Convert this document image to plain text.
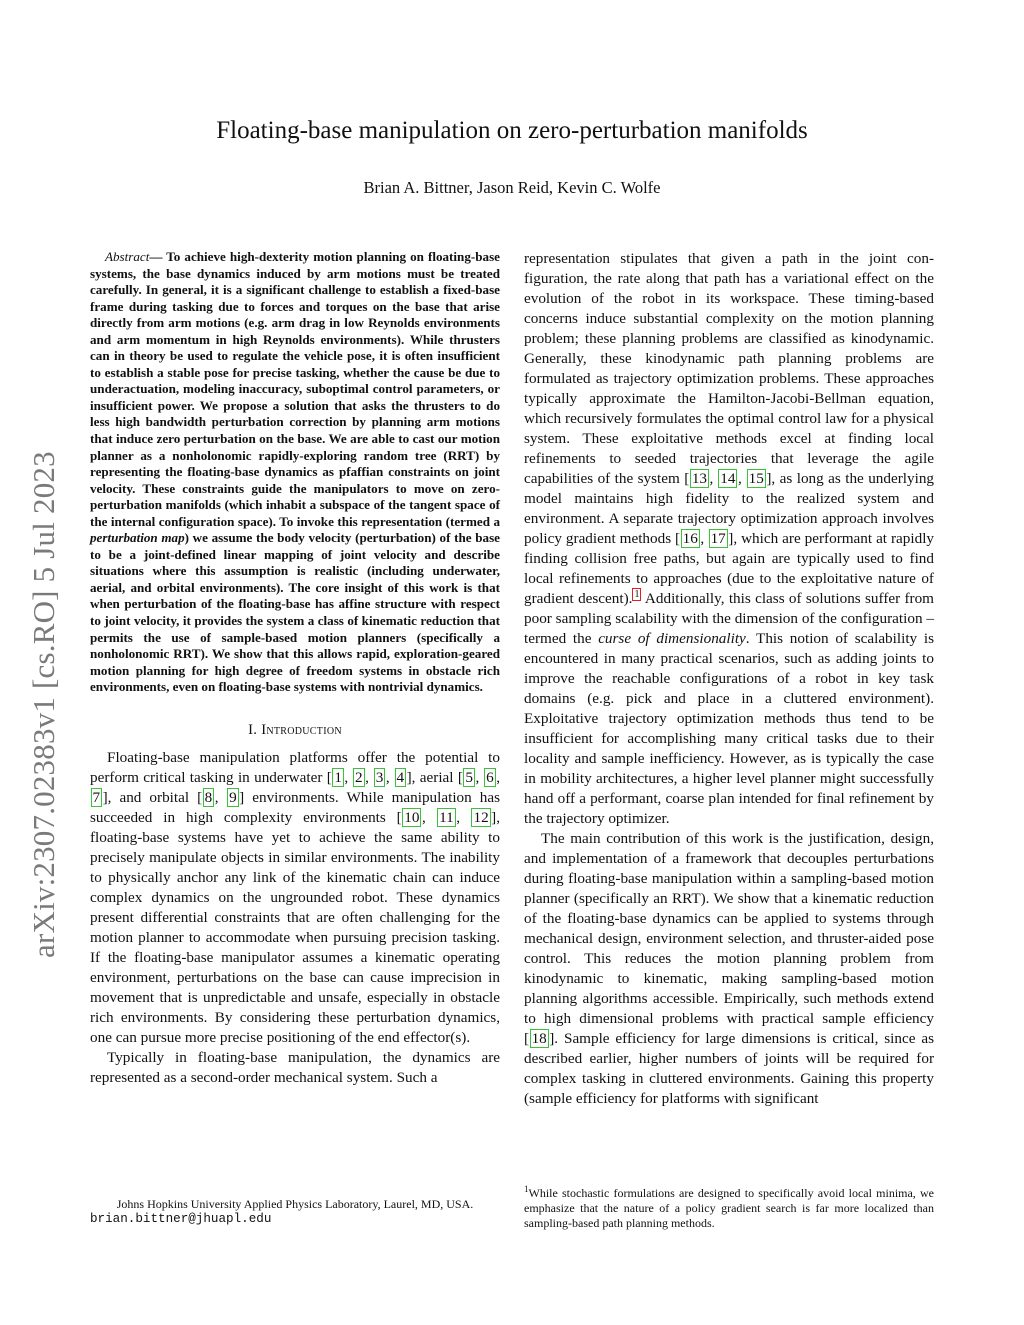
arXiv:2307.02383v1 [cs.RO] 5 Jul 2023
Floating-base manipulation on zero-perturbation manifolds
Brian A. Bittner, Jason Reid, Kevin C. Wolfe

Abstract— To achieve high-dexterity motion planning on floating-base systems, the base dynamics induced by arm motions must be treated carefully. In general, it is a significant challenge to establish a fixed-base frame during tasking due to forces and torques on the base that arise directly from arm motions (e.g. arm drag in low Reynolds environments and arm momentum in high Reynolds environments). While thrusters can in theory be used to regulate the vehicle pose, it is often insufficient to establish a stable pose for precise tasking, whether the cause be due to underactuation, modeling inaccuracy, suboptimal control parameters, or insufficient power. We propose a solution that asks the thrusters to do less high bandwidth perturbation correction by planning arm motions that induce zero perturbation on the base. We are able to cast our motion planner as a nonholonomic rapidly-exploring random tree (RRT) by representing the floating-base dynamics as pfaffian constraints on joint velocity. These constraints guide the manipulators to move on zero-perturbation manifolds (which inhabit a subspace of the tangent space of the internal configuration space). To invoke this representation (termed a perturbation map) we assume the body velocity (perturbation) of the base to be a joint-defined linear mapping of joint velocity and describe situations where this assumption is realistic (including underwater, aerial, and orbital environments). The core insight of this work is that when perturbation of the floating-base has affine structure with respect to joint velocity, it provides the system a class of kinematic reduction that permits the use of sample-based motion planners (specifically a nonholonomic RRT). We show that this allows rapid, exploration-geared motion planning for high degree of freedom systems in obstacle rich environments, even on floating-base systems with nontrivial dynamics.

I. Introduction

Floating-base manipulation platforms offer the potential to perform critical tasking in underwater [ 1 , 2 , 3 , 4 ], aerial [ 5 , 6 , 7 ], and orbital [ 8 , 9 ] environments. While manipulation has succeeded in high complexity environments [ 10 , 11 , 12 ], floating-base systems have yet to achieve the same ability to precisely manipulate objects in similar environments. The inability to physically anchor any link of the kinematic chain can induce complex dynamics on the ungrounded robot. These dynamics present differential constraints that are often challenging for the motion planner to accommodate when pursuing precision tasking. If the floating-base manipulator assumes a kinematic operating environment, perturbations on the base can cause imprecision in movement that is unpredictable and unsafe, especially in obstacle rich environments. By considering these perturbation dynamics, one can pursue more precise positioning of the end effector(s).

Typically in floating-base manipulation, the dynamics are represented as a second-order mechanical system. Such a

representation stipulates that given a path in the joint configuration, the rate along that path has a variational effect on the evolution of the robot in its workspace. These timing-based concerns induce substantial complexity on the motion planning problem; these planning problems are classified as kinodynamic. Generally, these kinodynamic path planning problems are formulated as trajectory optimization problems. These approaches typically approximate the Hamilton-Jacobi-Bellman equation, which recursively formulates the optimal control law for a physical system. These exploitative methods excel at finding local refinements to seeded trajectories that leverage the agile capabilities of the system [ 13 , 14 , 15 ], as long as the underlying model maintains high fidelity to the realized system and environment. A separate trajectory optimization approach involves policy gradient methods [ 16 , 17 ], which are performant at rapidly finding collision free paths, but again are typically used to find local refinements to approaches (due to the exploitative nature of gradient descent). $^1$ Additionally, this class of solutions suffer from poor sampling scalability with the dimension of the configuration – termed the curse of dimensionality. This notion of scalability is encountered in many practical scenarios, such as adding joints to improve the reachable configurations of a robot in key task domains (e.g. pick and place in a cluttered environment). Exploitative trajectory optimization methods thus tend to be insufficient for accomplishing many critical tasks due to their locality and sample inefficiency. However, as is typically the case in mobility architectures, a higher level planner might successfully hand off a performant, coarse plan intended for final refinement by the trajectory optimizer.

The main contribution of this work is the justification, design, and implementation of a framework that decouples perturbations during floating-base manipulation within a sampling-based motion planner (specifically an RRT). We show that a kinematic reduction of the floating-base dynamics can be applied to systems through mechanical design, environment selection, and thruster-aided pose control. This reduces the motion planning problem from kinodynamic to kinematic, making sampling-based motion planning algorithms accessible. Empirically, such methods extend to high dimensional problems with practical sample efficiency [ 18 ]. Sample efficiency for large dimensions is critical, since as described earlier, higher numbers of joints will be required for complex tasking in cluttered environments. Gaining this property (sample efficiency for platforms with significant

Johns Hopkins University Applied Physics Laboratory, Laurel, MD, USA.
brian.bittner@jhuapl.edu
$^1$While stochastic formulations are designed to specifically avoid local minima, we emphasize that the nature of a policy gradient search is far more localized than sampling-based path planning methods.
